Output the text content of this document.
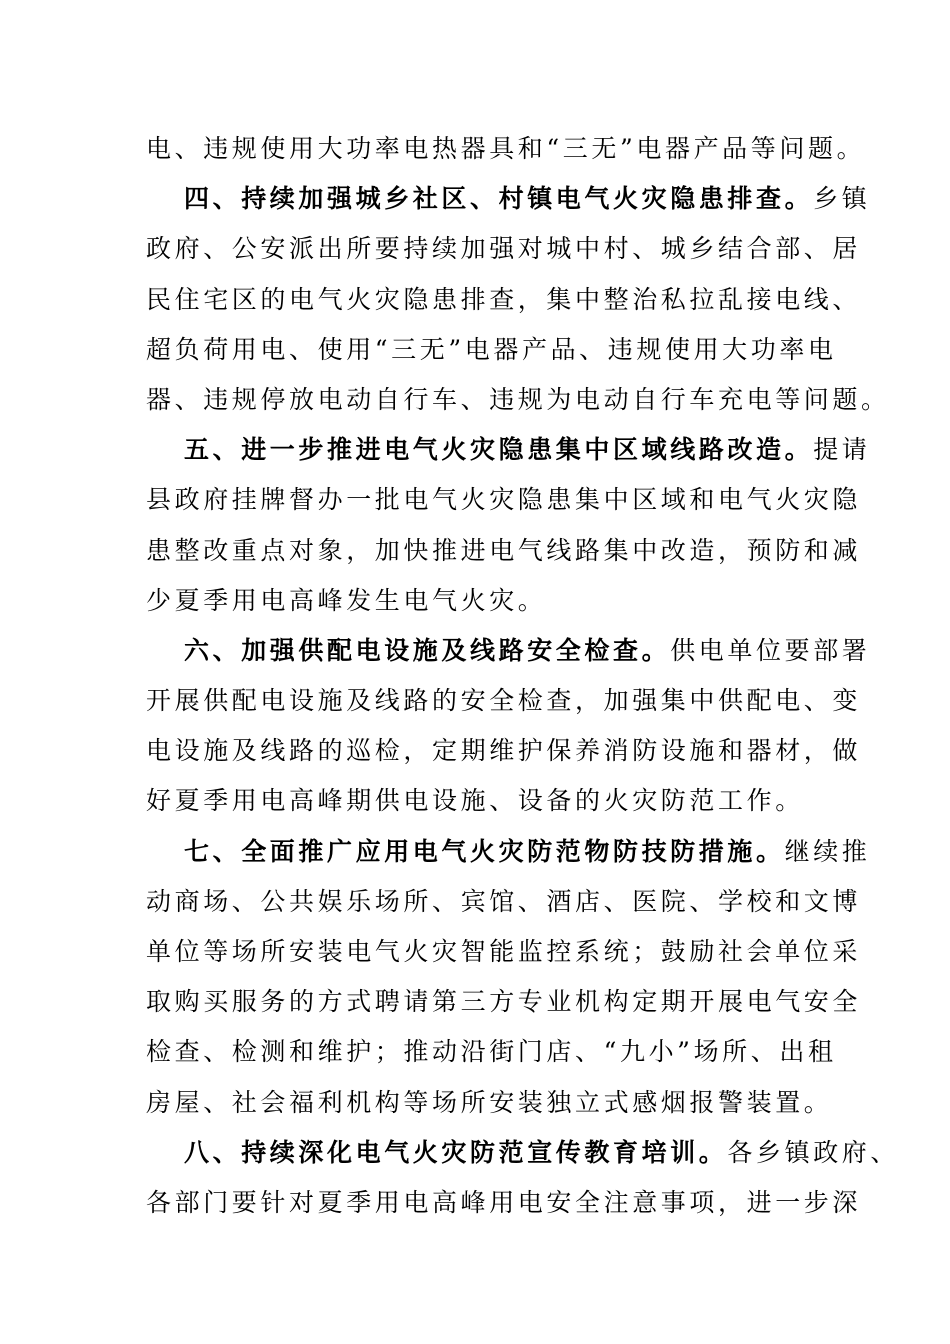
电、违规使用大功率电热器具和“三无”电器产品等问题。
四、持续加强城乡社区、村镇电气火灾隐患排查。乡镇
政府、公安派出所要持续加强对城中村、城乡结合部、居
民住宅区的电气火灾隐患排查，集中整治私拉乱接电线、
超负荷用电、使用“三无”电器产品、违规使用大功率电
器、违规停放电动自行车、违规为电动自行车充电等问题。
五、进一步推进电气火灾隐患集中区域线路改造。提请
县政府挂牌督办一批电气火灾隐患集中区域和电气火灾隐
患整改重点对象，加快推进电气线路集中改造，预防和减
少夏季用电高峰发生电气火灾。
六、加强供配电设施及线路安全检查。供电单位要部署
开展供配电设施及线路的安全检查，加强集中供配电、变
电设施及线路的巡检，定期维护保养消防设施和器材，做
好夏季用电高峰期供电设施、设备的火灾防范工作。
七、全面推广应用电气火灾防范物防技防措施。继续推
动商场、公共娱乐场所、宾馆、酒店、医院、学校和文博
单位等场所安装电气火灾智能监控系统；鼓励社会单位采
取购买服务的方式聘请第三方专业机构定期开展电气安全
检查、检测和维护；推动沿街门店、“九小”场所、出租
房屋、社会福利机构等场所安装独立式感烟报警装置。
八、持续深化电气火灾防范宣传教育培训。各乡镇政府、
各部门要针对夏季用电高峰用电安全注意事项，进一步深
